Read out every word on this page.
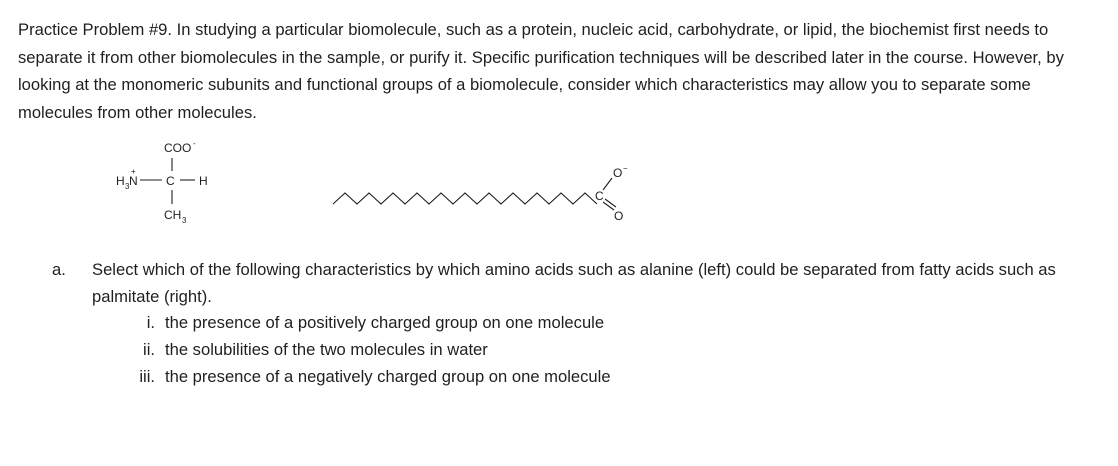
Practice Problem #9. In studying a particular biomolecule, such as a protein, nucleic acid, carbohydrate, or lipid, the biochemist first needs to separate it from other biomolecules in the sample, or purify it. Specific purification techniques will be described later in the course. However, by looking at the monomeric subunits and functional groups of a biomolecule, consider which characteristics may allow you to separate some molecules from other molecules.

COO -
H 3 N
+
C H
CH 3
C
O −
O
a.	Select which of the following characteristics by which amino acids such as alanine (left) could be separated from fatty acids such as palmitate (right).

i. the presence of a positively charged group on one molecule
ii. the solubilities of the two molecules in water
iii. the presence of a negatively charged group on one molecule
